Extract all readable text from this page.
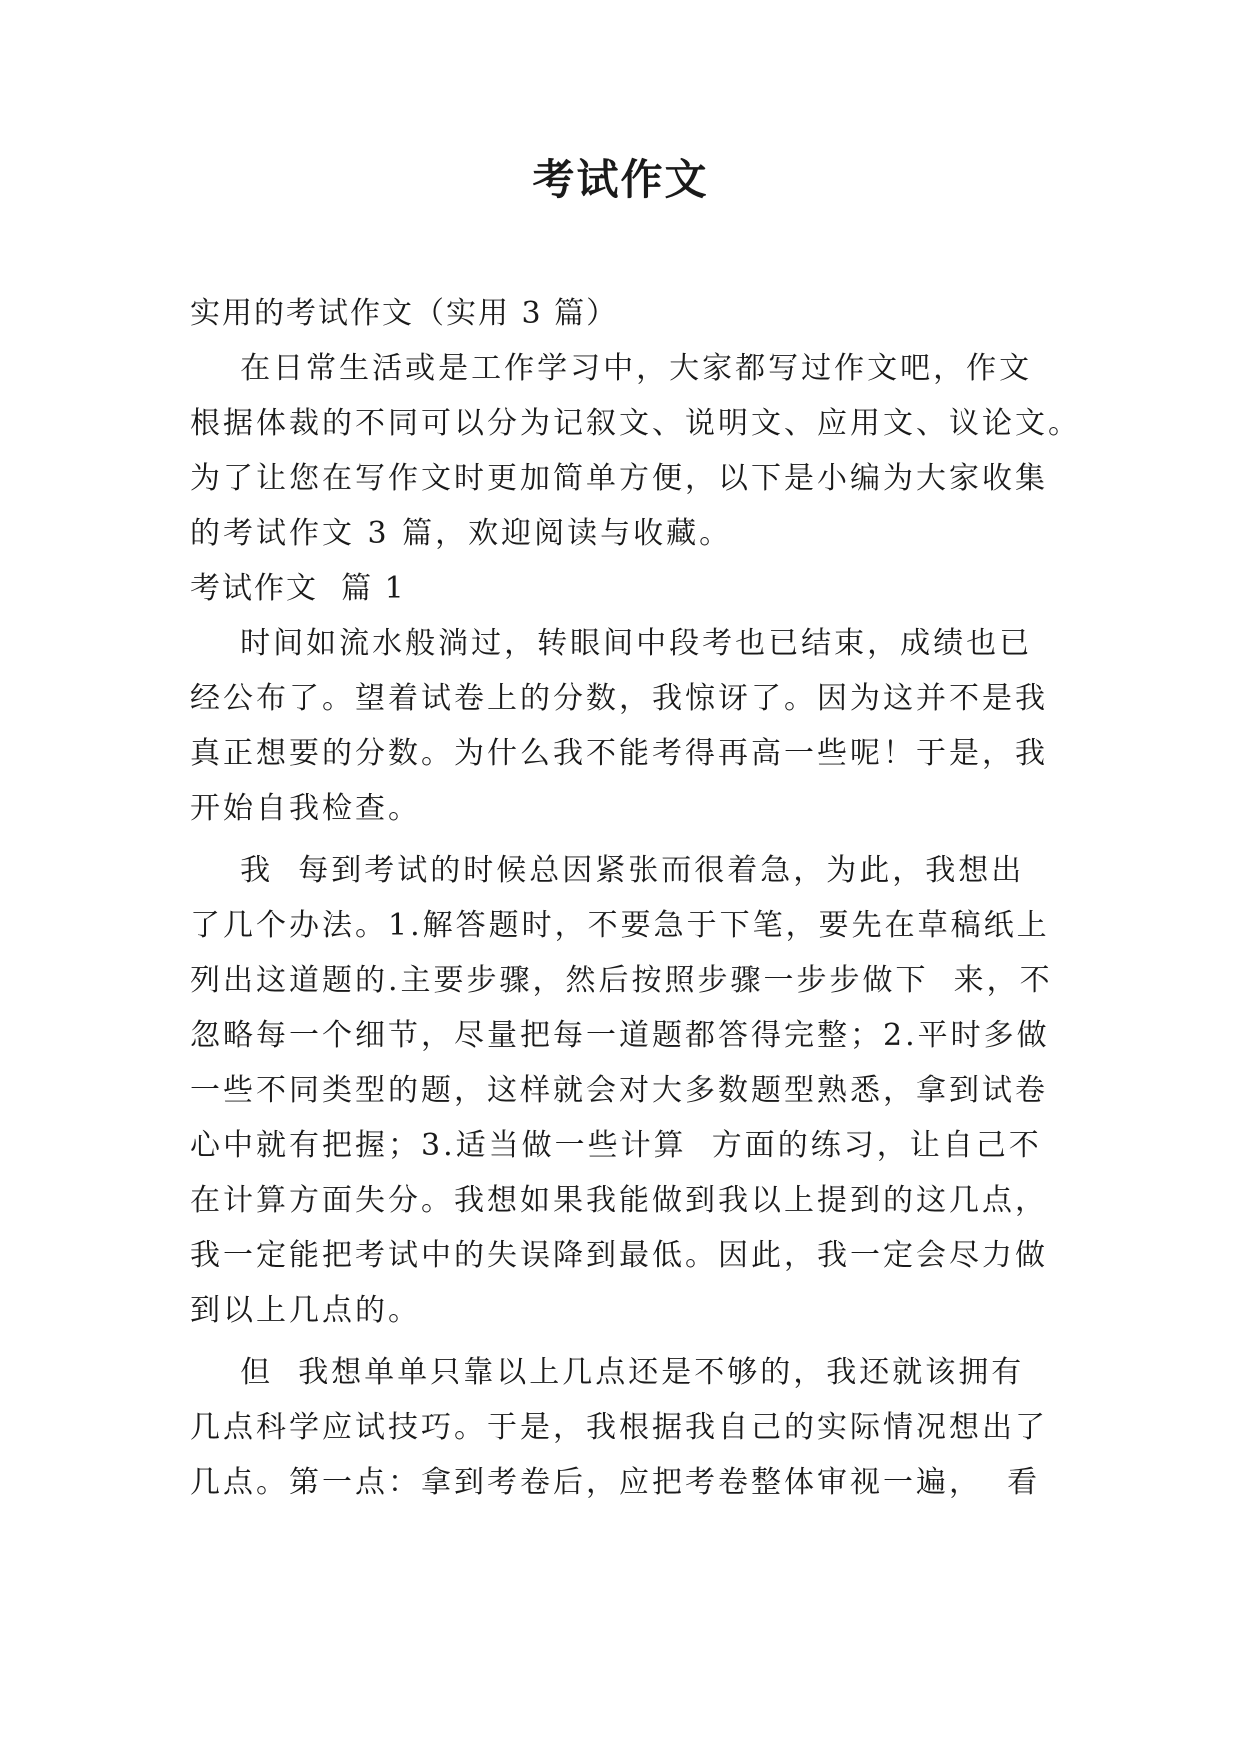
考试作文
实用的考试作文（实用 3 篇）
在日常生活或是工作学习中，大家都写过作文吧，作文
根据体裁的不同可以分为记叙文、说明文、应用文、议论文。
为了让您在写作文时更加简单方便，以下是小编为大家收集
的考试作文 3 篇，欢迎阅读与收藏。
考试作文  篇 1
时间如流水般淌过，转眼间中段考也已结束，成绩也已
经公布了。望着试卷上的分数，我惊讶了。因为这并不是我
真正想要的分数。为什么我不能考得再高一些呢！于是，我
开始自我检查。
我  每到考试的时候总因紧张而很着急，为此，我想出
了几个办法。1.解答题时，不要急于下笔，要先在草稿纸上
列出这道题的.主要步骤，然后按照步骤一步步做下  来，不
忽略每一个细节，尽量把每一道题都答得完整；2.平时多做
一些不同类型的题，这样就会对大多数题型熟悉，拿到试卷
心中就有把握；3.适当做一些计算  方面的练习，让自己不
在计算方面失分。我想如果我能做到我以上提到的这几点，
我一定能把考试中的失误降到最低。因此，我一定会尽力做
到以上几点的。
但  我想单单只靠以上几点还是不够的，我还就该拥有
几点科学应试技巧。于是，我根据我自己的实际情况想出了
几点。第一点：拿到考卷后，应把考卷整体审视一遍，  看
